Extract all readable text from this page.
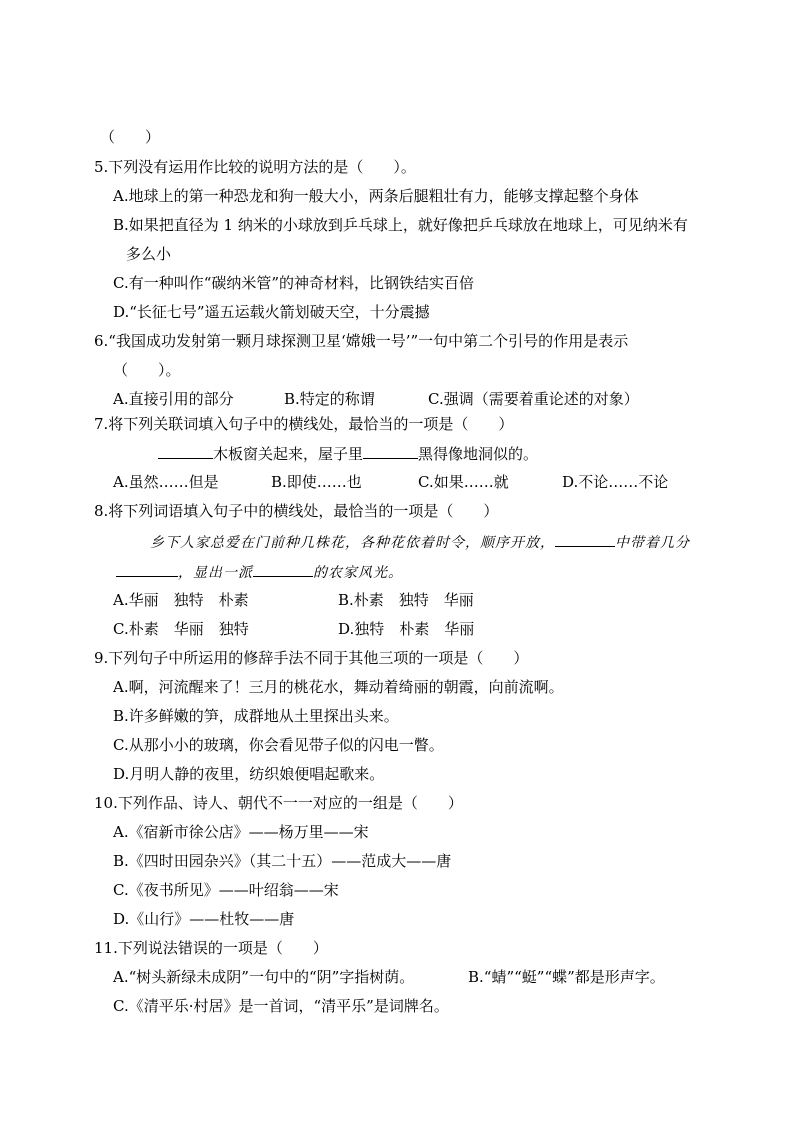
（　　）
5.下列没有运用作比较的说明方法的是（　　）。
A.地球上的第一种恐龙和狗一般大小，两条后腿粗壮有力，能够支撑起整个身体
B.如果把直径为 1 纳米的小球放到乒乓球上，就好像把乒乓球放在地球上，可见纳米有
多么小
C.有一种叫作“碳纳米管”的神奇材料，比钢铁结实百倍
D.“长征七号”遥五运载火箭划破天空，十分震撼
6.“我国成功发射第一颗月球探测卫星‘嫦娥一号’”一句中第二个引号的作用是表示
（　　）。
A.直接引用的部分	B.特定的称谓	C.强调（需要着重论述的对象）
7.将下列关联词填入句子中的横线处，最恰当的一项是（　　）
木板窗关起来，屋子里	黑得像地洞似的。
A.虽然……但是	B.即使……也	C.如果……就	D.不论……不论
8.将下列词语填入句子中的横线处，最恰当的一项是（　　）
乡下人家总爱在门前种几株花，各种花依着时令，顺序开放，	中带着几分
，显出一派	的农家风光。
A.华丽　独特　朴素	B.朴素　独特　华丽
C.朴素　华丽　独特	D.独特　朴素　华丽
9.下列句子中所运用的修辞手法不同于其他三项的一项是（　　）
A.啊，河流醒来了！三月的桃花水，舞动着绮丽的朝霞，向前流啊。
B.许多鲜嫩的笋，成群地从土里探出头来。
C.从那小小的玻璃，你会看见带子似的闪电一瞥。
D.月明人静的夜里，纺织娘便唱起歌来。
10.下列作品、诗人、朝代不一一对应的一组是（　　）
A.《宿新市徐公店》——杨万里——宋
B.《四时田园杂兴》（其二十五）——范成大——唐
C.《夜书所见》——叶绍翁——宋
D.《山行》——杜牧——唐
11.下列说法错误的一项是（　　）
A.“树头新绿未成阴”一句中的“阴”字指树荫。	B.“蜻”“蜓”“蝶”都是形声字。
C.《清平乐·村居》是一首词，“清平乐”是词牌名。
